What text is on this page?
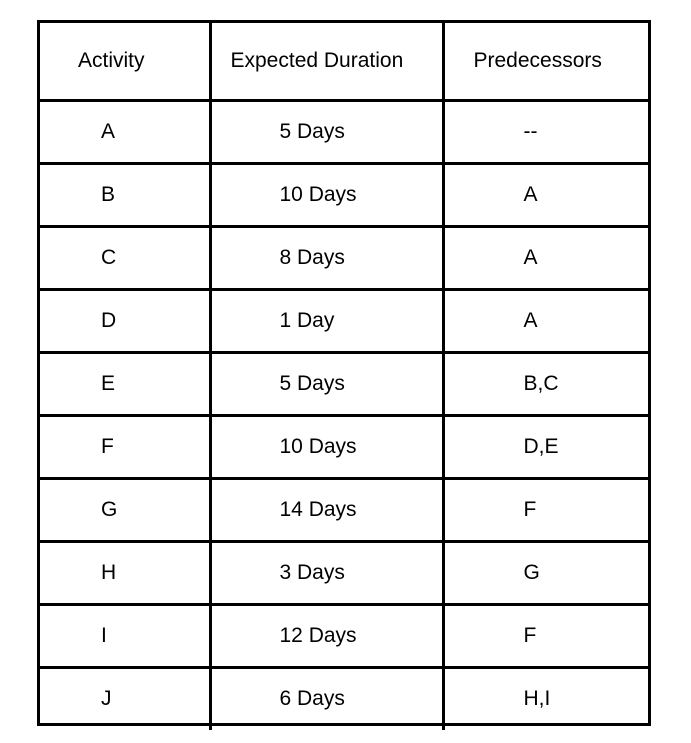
Activity	Expected Duration	Predecessors
A	5 Days	--
B	10 Days	A
C	8 Days	A
D	1 Day	A
E	5 Days	B,C
F	10 Days	D,E
G	14 Days	F
H	3 Days	G
I	12 Days	F
J	6 Days	H,I
